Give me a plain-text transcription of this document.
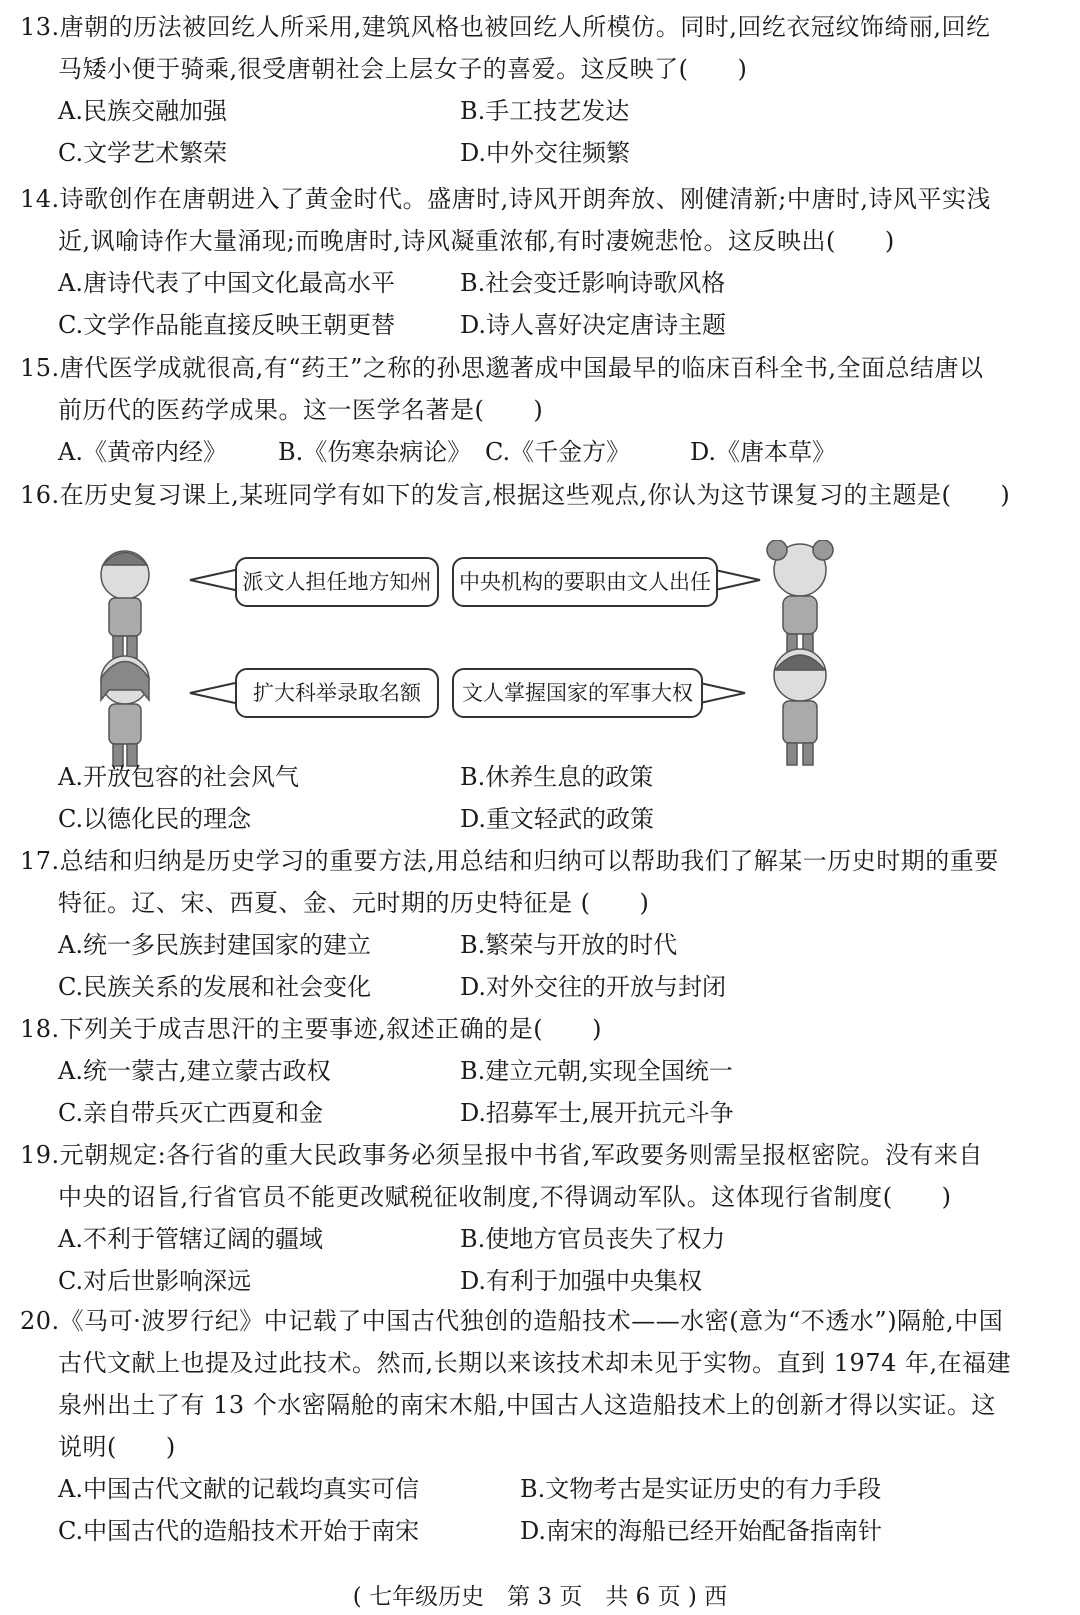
13.唐朝的历法被回纥人所采用,建筑风格也被回纥人所模仿。同时,回纥衣冠纹饰绮丽,回纥
马矮小便于骑乘,很受唐朝社会上层女子的喜爱。这反映了(　　)
A.民族交融加强	B.手工技艺发达
C.文学艺术繁荣	D.中外交往频繁
14.诗歌创作在唐朝进入了黄金时代。盛唐时,诗风开朗奔放、刚健清新;中唐时,诗风平实浅
近,讽喻诗作大量涌现;而晚唐时,诗风凝重浓郁,有时凄婉悲怆。这反映出(　　)
A.唐诗代表了中国文化最高水平	B.社会变迁影响诗歌风格
C.文学作品能直接反映王朝更替	D.诗人喜好决定唐诗主题
15.唐代医学成就很高,有“药王”之称的孙思邈著成中国最早的临床百科全书,全面总结唐以
前历代的医药学成果。这一医学名著是(　　)
A.《黄帝内经》 B.《伤寒杂病论》 C.《千金方》 D.《唐本草》
16.在历史复习课上,某班同学有如下的发言,根据这些观点,你认为这节课复习的主题是(　　)
派文人担任地方知州	中央机构的要职由文人出任
扩大科举录取名额	文人掌握国家的军事大权
A.开放包容的社会风气	B.休养生息的政策
C.以德化民的理念	D.重文轻武的政策
17.总结和归纳是历史学习的重要方法,用总结和归纳可以帮助我们了解某一历史时期的重要
特征。辽、宋、西夏、金、元时期的历史特征是 (　　)
A.统一多民族封建国家的建立	B.繁荣与开放的时代
C.民族关系的发展和社会变化	D.对外交往的开放与封闭
18.下列关于成吉思汗的主要事迹,叙述正确的是(　　)
A.统一蒙古,建立蒙古政权	B.建立元朝,实现全国统一
C.亲自带兵灭亡西夏和金	D.招募军士,展开抗元斗争
19.元朝规定:各行省的重大民政事务必须呈报中书省,军政要务则需呈报枢密院。没有来自
中央的诏旨,行省官员不能更改赋税征收制度,不得调动军队。这体现行省制度(　　)
A.不利于管辖辽阔的疆域	B.使地方官员丧失了权力
C.对后世影响深远	D.有利于加强中央集权
20.《马可·波罗行纪》中记载了中国古代独创的造船技术——水密(意为“不透水”)隔舱,中国
古代文献上也提及过此技术。然而,长期以来该技术却未见于实物。直到 1974 年,在福建
泉州出土了有 13 个水密隔舱的南宋木船,中国古人这造船技术上的创新才得以实证。这
说明(　　)
A.中国古代文献的记载均真实可信	B.文物考古是实证历史的有力手段
C.中国古代的造船技术开始于南宋	D.南宋的海船已经开始配备指南针
( 七年级历史　第 3 页　共 6 页 ) 西
